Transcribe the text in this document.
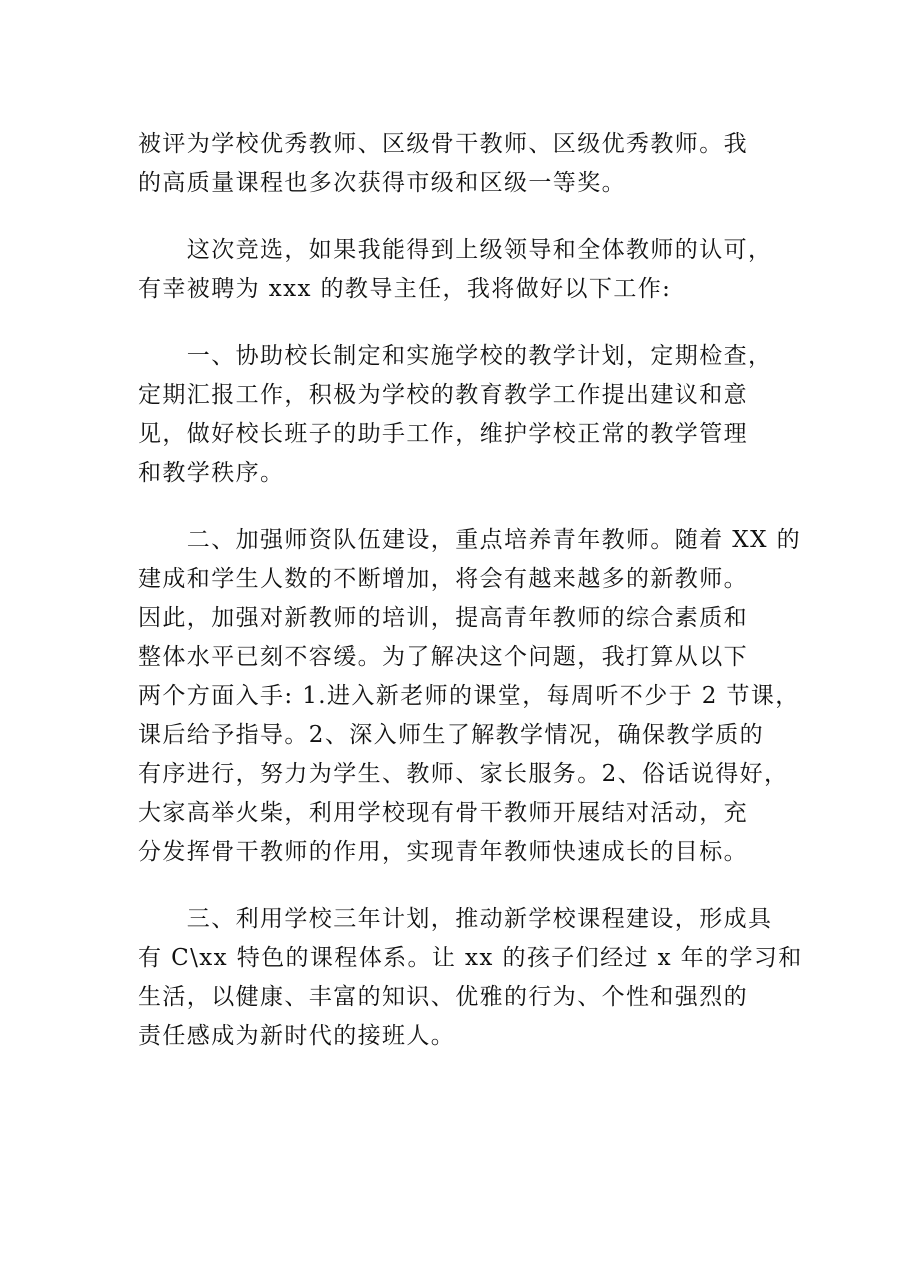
被评为学校优秀教师、区级骨干教师、区级优秀教师。我
的高质量课程也多次获得市级和区级一等奖。
　　这次竞选，如果我能得到上级领导和全体教师的认可，
有幸被聘为 xxx 的教导主任，我将做好以下工作:
　　一、协助校长制定和实施学校的教学计划，定期检查，
定期汇报工作，积极为学校的教育教学工作提出建议和意
见，做好校长班子的助手工作，维护学校正常的教学管理
和教学秩序。
　　二、加强师资队伍建设，重点培养青年教师。随着 XX 的
建成和学生人数的不断增加，将会有越来越多的新教师。
因此，加强对新教师的培训，提高青年教师的综合素质和
整体水平已刻不容缓。为了解决这个问题，我打算从以下
两个方面入手: 1.进入新老师的课堂，每周听不少于 2 节课，
课后给予指导。2、深入师生了解教学情况，确保教学质的
有序进行，努力为学生、教师、家长服务。2、俗话说得好，
大家高举火柴，利用学校现有骨干教师开展结对活动，充
分发挥骨干教师的作用，实现青年教师快速成长的目标。
　　三、利用学校三年计划，推动新学校课程建设，形成具
有 C\xx 特色的课程体系。让 xx 的孩子们经过 x 年的学习和
生活，以健康、丰富的知识、优雅的行为、个性和强烈的
责任感成为新时代的接班人。
